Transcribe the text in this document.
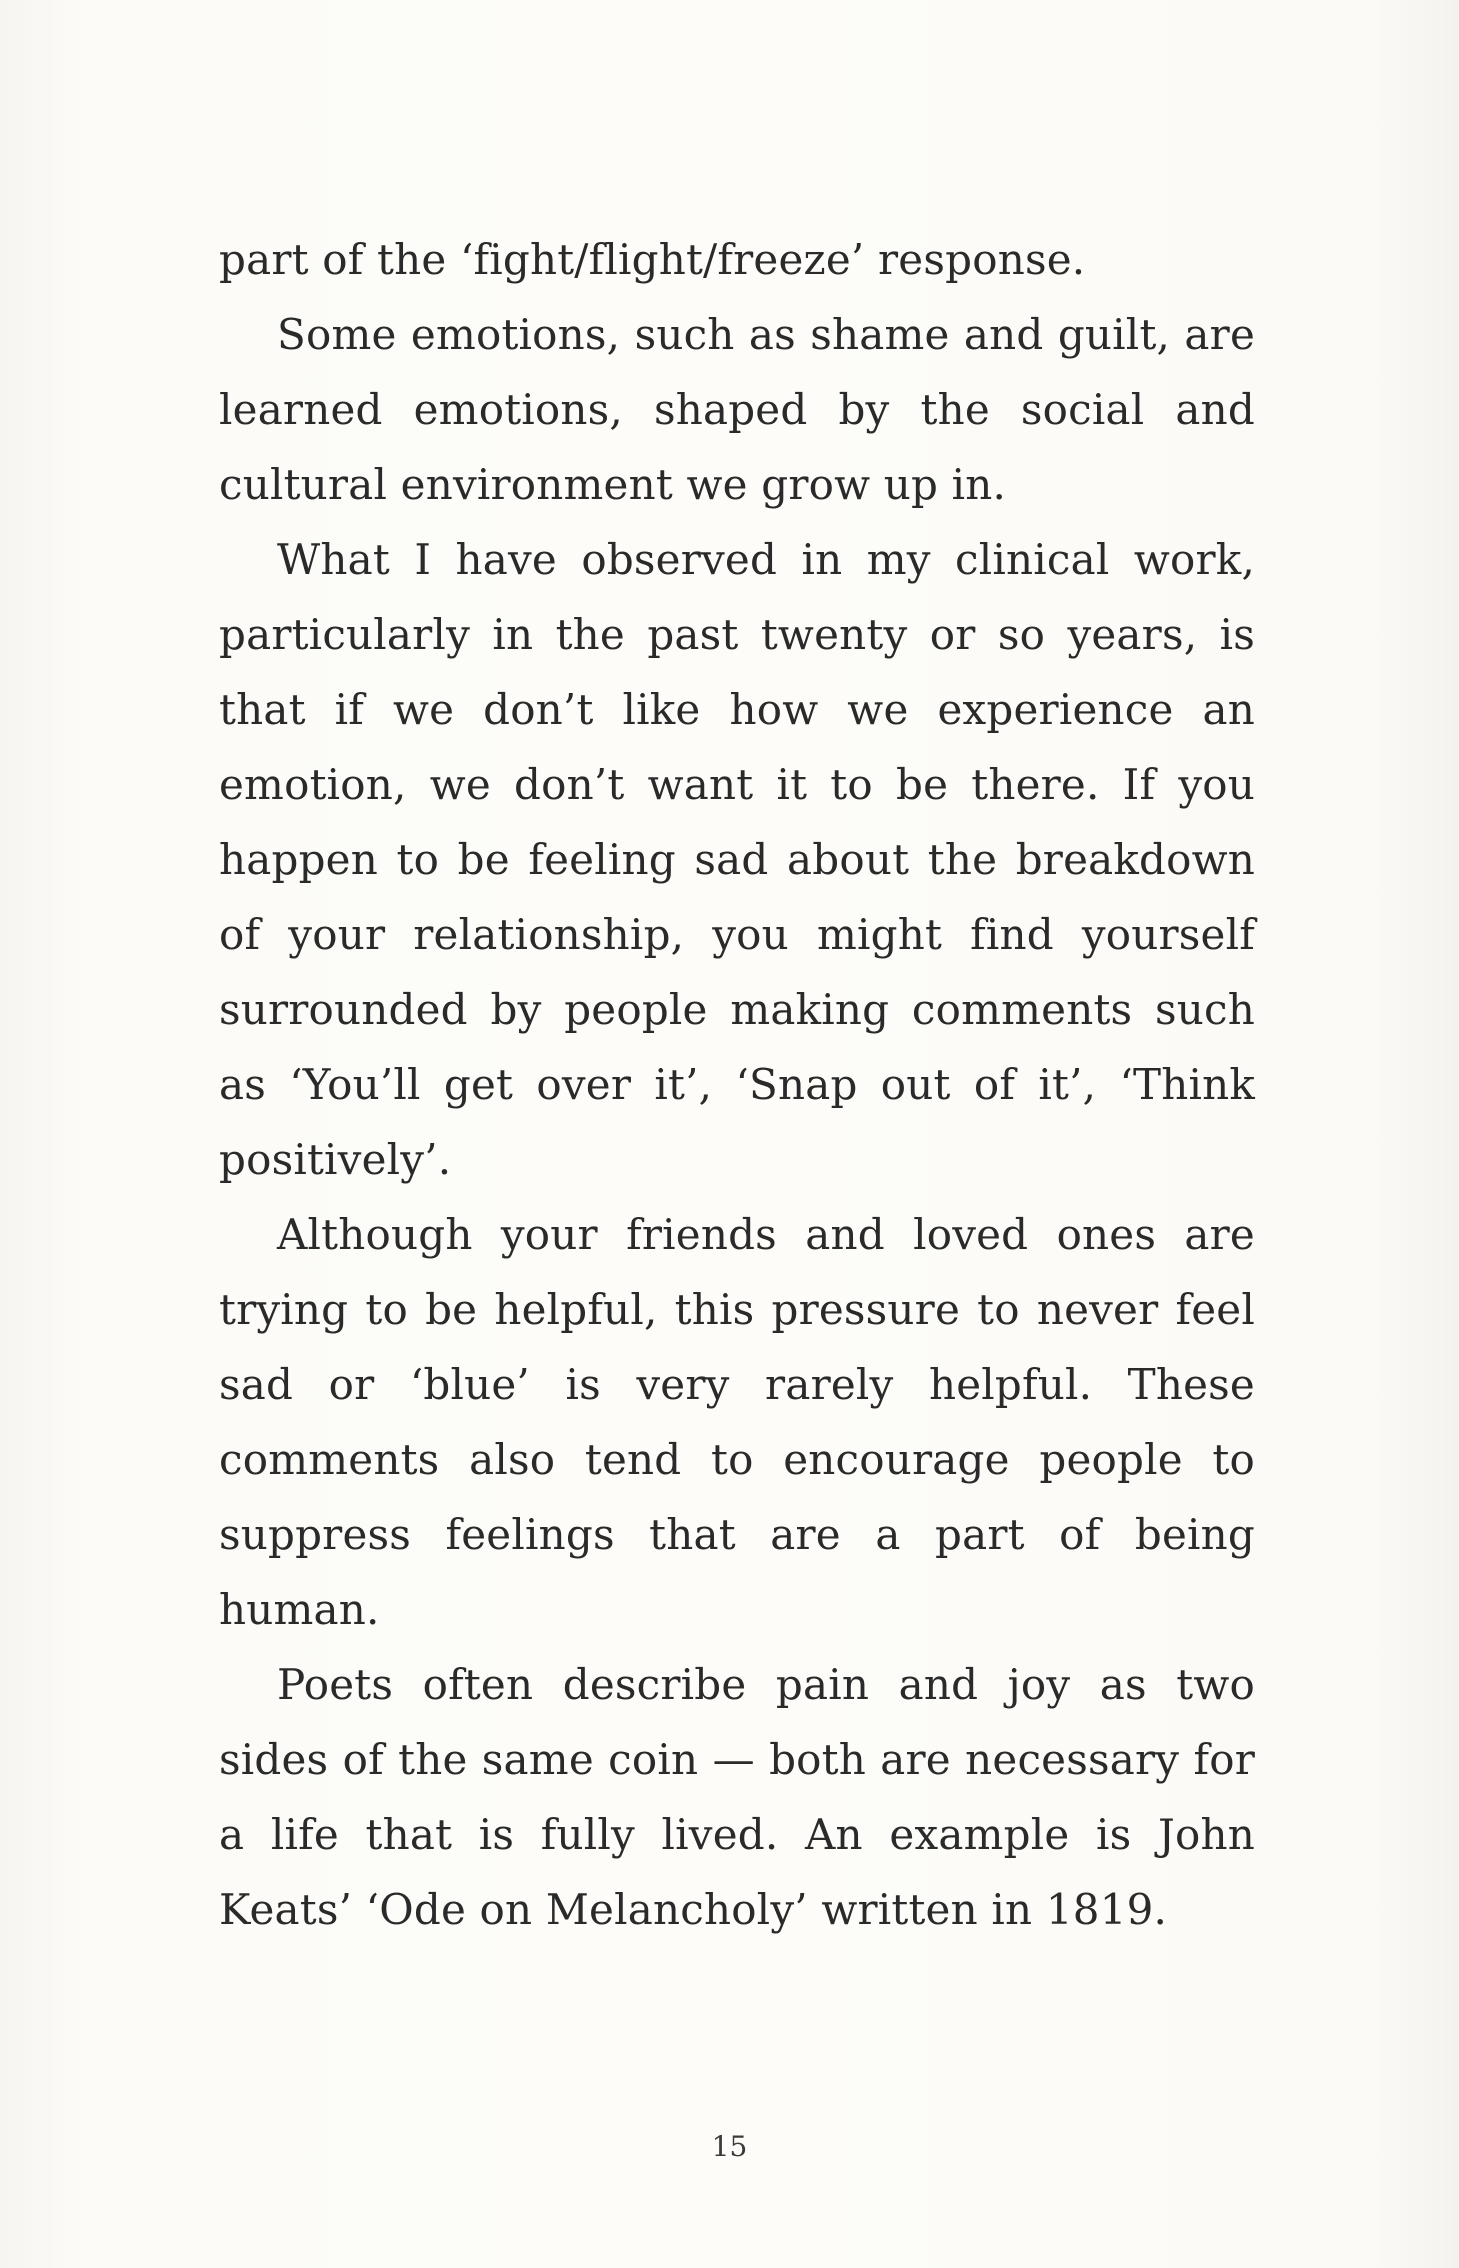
part of the ‘fight/flight/freeze’ response.

Some emotions, such as shame and guilt, are learned emotions, shaped by the social and cultural environment we grow up in.

What I have observed in my clinical work, particularly in the past twenty or so years, is that if we don’t like how we experience an emotion, we don’t want it to be there. If you happen to be feeling sad about the breakdown of your relationship, you might find yourself surrounded by people making comments such as ‘You’ll get over it’, ‘Snap out of it’, ‘Think positively’.

Although your friends and loved ones are trying to be helpful, this pressure to never feel sad or ‘blue’ is very rarely helpful. These comments also tend to encourage people to suppress feelings that are a part of being human.

Poets often describe pain and joy as two sides of the same coin — both are necessary for a life that is fully lived. An example is John Keats’ ‘Ode on Melancholy’ written in 1819.

15
